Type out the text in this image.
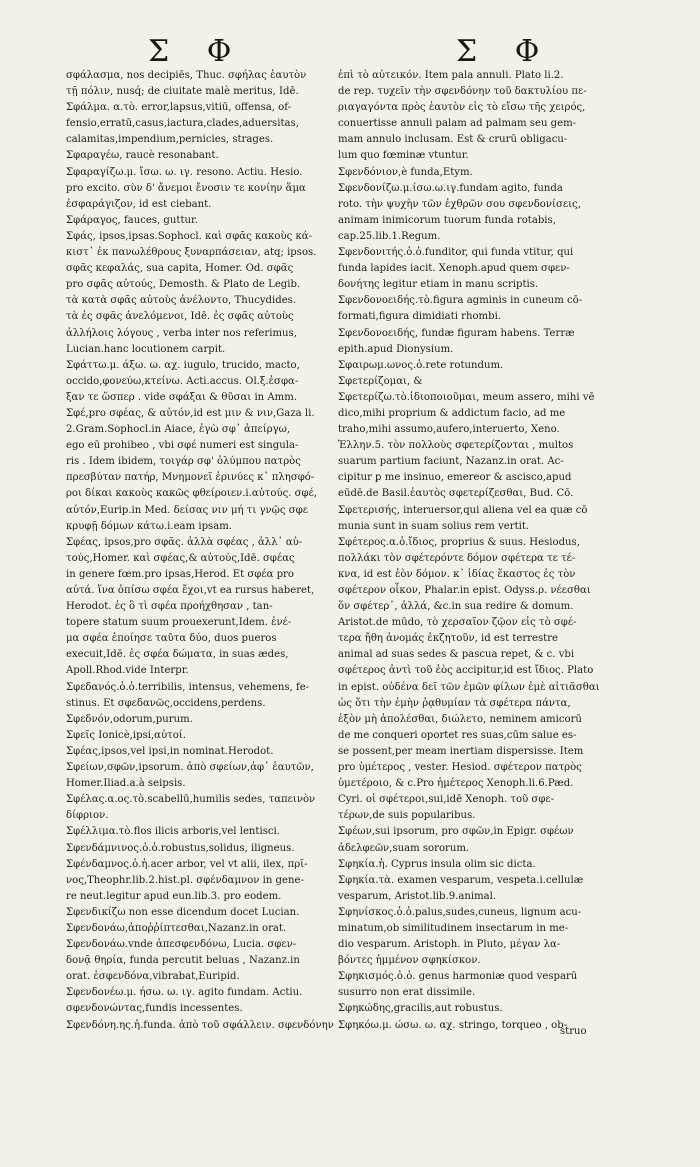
Σ Φ	Σ Φ
σφάλασμα, nos decipiēs, Thuc. σφήλας ἑαυτὸν
τῇ πόλιν, nusq́; de ciuitate malè meritus, Idē.
Σφάλμα. α.τὸ. error,lapsus,vitiū, offensa, of-
fensio,erratū,casus,iactura,clades,aduersitas,
calamitas,impendium,pernicies, strages.
Σφαραγέω, raucè resonabant.
Σφαραγίζω.μ. ἴσω. ω. ιγ. resono. Actiu. Hesio.
pro excito. σὺν δ' ἄνεμοι ἔνοσιν τε κονίην ἅμα
ἐσφαράγιζον, id est ciebant.
Σφάραγος, fauces, guttur.
Σφάς, ipsos,ipsas.Sophocl. καὶ σφᾶς κακοὺς κά-
κιστ᾽ ἐκ πανωλέθρους ξυναρπάσειαν, atq; ipsos.
σφᾶς κεφαλάς, sua capita, Homer. Od. σφᾶς
pro σφᾶς αὐτούς, Demosth. & Plato de Legib.
τὰ κατὰ σφᾶς αὐτοὺς ἀνέλοντο, Thucydides.
τὰ ἐς σφᾶς ἀνελόμενοι, Idē. ἐς σφᾶς αὐτοὺς
ἀλλήλοις λόγους , verba inter nos referimus,
Lucian.hanc locutionem carpit.
Σφάττω.μ. άξω. ω. αχ. iugulo, trucido, macto,
occido,φονεύω,κτείνω. Acti.accus. Ol.ξ.ἐσφα-
ξαν τε ὥσπερ . vide σφάξαι & θῦσαι in Amm.
Σφέ,pro σφέας, & αὐτόν,id est μιν & νιν,Gaza li.
2.Gram.Sophocl.in Aiace, ἐγὼ σφ᾽ ἀπείργω,
ego eū prohibeo , vbi σφέ numeri est singula-
ris . Idem ibidem, τοιγάρ σφ' ὀλύμπου πατρὸς
πρεσβύταν πατήρ, Μνημονεῖ ἐρινύες κ᾽ πλησφό-
ροι δίκαι κακοὺς κακῶς φθείροιεν.i.αὐτούς. σφέ,
αὐτόν,Eurip.in Med. δείσας νιν μή τι γνῷς σφε
κρυφῇ δόμων κάτω.i.eam ipsam.
Σφέας, ipsos,pro σφᾶς. ἀλλὰ σφέας , ἀλλ᾽ αὐ-
τούς,Homer. καὶ σφέας,& αὐτούς,Idē. σφέας
in genere fœm.pro ipsas,Herod. Et σφέα pro
αὐτά. ἵνα ὀπίσω σφέα ἔχοι,vt ea rursus haberet,
Herodot. ἐς ὃ τὶ σφέα προήχθησαν , tan-
topere statum suum prouexerunt,Idem. ἐνέ-
μα σφέα ἐποίησε ταῦτα δύο, duos pueros
execuit,Idē. ἐς σφέα δώματα, in suas ædes,
Apoll.Rhod.vide Interpr.
Σφεδανός.ὁ.ὁ.terribilis, intensus, vehemens, fe-
stinus. Et σφεδανῶς,occidens,perdens.
Σφεδνόν,odorum,purum.
Σφεῖς Ionicè,ipsi,αὐτοί.
Σφέας,ipsos,vel ipsi,in nominat.Herodot.
Σφείων,σφῶν,ipsorum. ἀπὸ σφείων,ἀφ᾽ ἑαυτῶν,
Homer.Iliad.a.à seipsis.
Σφέλας.α.ος.τὸ.scabellū,humilis sedes, ταπεινὸν
δίφριον.
Σφέλλιμα.τὸ.flos ilicis arboris,vel lentisci.
Σφενδάμνινος.ὁ.ὁ.robustus,solidus, iligneus.
Σφένδαμνος.ὁ.ἡ.acer arbor, vel vt alii, ilex, πρῖ-
νος,Theophr.lib.2.hist.pl. σφένδαμνον in gene-
re neut.legitur apud eun.lib.3. pro eodem.
Σφενδικίζω non esse dicendum docet Lucian.
Σφενδονάω,ἀποῤῥίπτεσθαι,Nazanz.in orat.
Σφενδονάω.vnde ἀπεσφενδόνω, Lucia. σφεν-
δονᾷ θηρία, funda percutit beluas , Nazanz.in
orat. ἐσφενδόνα,vibrabat,Euripid.
Σφενδονέω.μ. ήσω. ω. ιγ. agito fundam. Actiu.
σφενδονώντας,fundis incessentes.
Σφενδόνη.ης.ἡ.funda. ἀπὸ τοῦ σφάλλειν. σφενδόνην
ἐπὶ τὸ αὐτεικόν. Item pala annuli. Plato li.2.
de rep. τυχεῖν τὴν σφενδόνην τοῦ δακτυλίου πε-
ριαγαγόντα πρὸς ἑαυτὸν εἰς τὸ εἴσω τῆς χειρός,
conuertisse annuli palam ad palmam seu gem-
mam annulo inclusam. Est & crurū obligacu-
lum quo fœminæ vtuntur.
Σφενδόνιον,è funda,Etym.
Σφενδονίζω.μ.ίσω.ω.ιγ.fundam agito, funda
roto. τὴν ψυχὴν τῶν ἐχθρῶν σου σφενδονίσεις,
animam inimicorum tuorum funda rotabis,
cap.25.lib.1.Regum.
Σφενδονιτής.ὁ.ὁ.funditor, qui funda vtitur, qui
funda lapides iacit. Xenoph.apud quem σφεν-
δονήτης legitur etiam in manu scriptis.
Σφενδονοειδής.τὸ.figura agminis in cuneum cō-
formati,figura dimidiati rhombi.
Σφενδονοειδής, fundæ figuram habens. Terræ
epith.apud Dionysium.
Σφαιρωμ.ωνος.ὁ.rete rotundum.
Σφετερίζομαι, &
Σφετερίζω.τὸ.ἰδιοποιοῦμαι, meum assero, mihi vē
dico,mihi proprium & addictum facio, ad me
traho,mihi assumo,aufero,interuerto, Xeno.
Ἑλλην.5. τὸν πολλοὺς σφετερίζονται , multos
suarum partium faciunt, Nazanz.in orat. Ac-
cipitur ꝑ me insinuo, emereor & ascisco,apud
eūdē.de Basil.ἐαυτὸς σφετερίζεσθαι, Bud. Cō.
Σφετερισής, interuersor,qui aliena vel ea quæ cō
munia sunt in suam solius rem vertit.
Σφέτερος.α.ὁ.ἴδιος, proprius & suus. Hesiodus,
πολλάκι τὸν σφέτερόντε δόμον σφέτερα τε τέ-
κνα, id est ἑὸν δόμον. κ᾽ ἰδίας ἕκαστος ἐς τὸν
σφέτερον οἶκον, Phalar.in epist. Odyss.ρ. νέεσθαι
ὅν σφέτερ᾽, ἀλλά, &c.in sua redire & domum.
Aristot.de mūdo, τὸ χερσαῖον ζῷον εἰς τὸ σφέ-
τερα ἤθη ἀνομάς ἐκζητοῦν, id est terrestre
animal ad suas sedes & pascua repet, & c. vbi
σφέτερος ἀντὶ τοῦ ἑὸς accipitur,id est ἴδιος. Plato
in epist. οὐδένα δεῖ τῶν ἐμῶν φίλων ἐμὲ αἰτιᾶσθαι
ὡς ὅτι τὴν ἐμὴν ῥᾳθυμίαν τὰ σφέτερα πάντα,
ἐξὸν μὴ ἀπολέσθαι, διώλετο, neminem amicorū
de me conqueri oportet res suas,cūm salue es-
se possent,per meam inertiam dispersisse. Item
pro ὑμέτερος , vester. Hesiod. σφέτερον πατρὸς
ὑμετέροιο, & c.Pro ἡμέτερος Xenoph.li.6.Pæd.
Cyri. οἱ σφέτεροι,sui,idē Xenoph. τοῦ σφε-
τέρων,de suis popularibus.
Σφέων,sui ipsorum, pro σφῶν,in Epigr. σφέων
ἀδελφεῶν,suam sororum.
Σφηκία.ἡ. Cyprus insula olim sic dicta.
Σφηκία.τὰ. examen vesparum, vespeta.i.cellulæ
vesparum, Aristot.lib.9.animal.
Σφηνίσκος.ὁ.ὁ.palus,sudes,cuneus, lignum acu-
minatum,ob similitudinem insectarum in me-
dio vesparum. Aristoph. in Pluto, μέγαν λα-
βόντες ἡμμένον σφηκίσκον.
Σφηκισμός.ὁ.ὁ. genus harmoniæ quod vesparū
susurro non erat dissimile.
Σφηκώδης,gracilis,aut robustus.
Σφηκόω.μ. ώσω. ω. αχ. stringo, torqueo , ob-
struo
